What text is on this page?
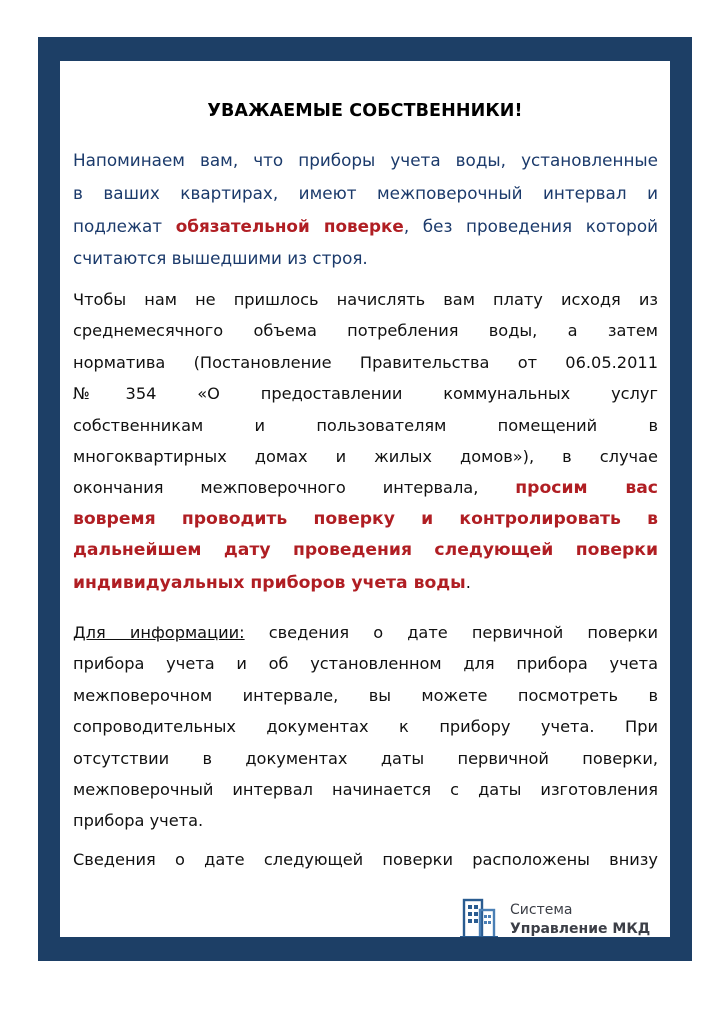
УВАЖАЕМЫЕ СОБСТВЕННИКИ!
Напоминаем вам, что приборы учета воды, установленные
в ваших квартирах, имеют межповерочный интервал и
подлежат обязательной поверке, без проведения которой
считаются вышедшими из строя.
Чтобы нам не пришлось начислять вам плату исходя из
среднемесячного объема потребления воды, а затем
норматива (Постановление Правительства от 06.05.2011
№354 «О предоставлении коммунальных услуг
собственникам и пользователям помещений в
многоквартирных домах и жилых домов»), в случае
окончания межповерочного интервала, просим вас
вовремя проводить поверку и контролировать в
дальнейшем дату проведения следующей поверки
индивидуальных приборов учета воды.
Для информации: сведения о дате первичной поверки
прибора учета и об установленном для прибора учета
межповерочном интервале, вы можете посмотреть в
сопроводительных документах к прибору учета. При
отсутствии в документах даты первичной поверки,
межповерочный интервал начинается с даты изготовления
прибора учета.
Сведения о дате следующей поверки расположены внизу
Система
Управление МКД
